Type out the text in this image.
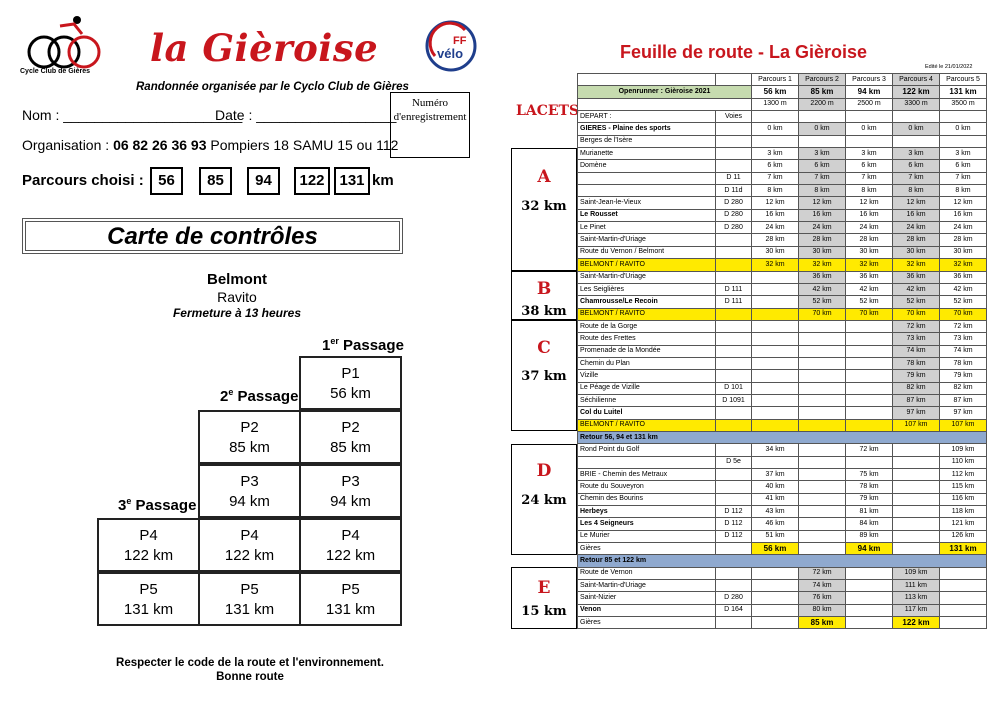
Cycle Club de Gières
la Gièroise	FF
vélo
Randonnée organisée par le Cyclo Club de Gières
Nom : _______________________
Date : __________________
Numéro d'enregistrement
Organisation : 06 82 26 36 93 Pompiers 18 SAMU 15 ou 112
Parcours choisi : 56	85	94	122 131 km
Carte de contrôles
Belmont
Ravito
Fermeture à 13 heures
1er Passage
2e Passage
3e Passage
P1
56 km
P2
85 km
P3
94 km
P4
122 km
P5
131 km
P2
85 km
P3
94 km
P4
122 km
P5
131 km
P4
122 km
P5
131 km
Respecter le code de la route et l'environnement.
Bonne route
Feuille de route - La Gièroise
Edité le 21/01/2022
LACETS
A
32 km
B
38 km
C
37 km
D
24 km
E
15 km
		Parcours 1	Parcours 2	Parcours 3	Parcours 4	Parcours 5
Openrunner : Gièroise 2021		56 km	85 km	94 km	122 km	131 km
		1300 m	2200 m	2500 m	3300 m	3500 m
DEPART :	Voies					
GIERES - Plaine des sports		0 km	0 km	0 km	0 km	0 km
Berges de l'Isère						
Murianette		3 km	3 km	3 km	3 km	3 km
Domène		6 km	6 km	6 km	6 km	6 km
	D 11	7 km	7 km	7 km	7 km	7 km
	D 11d	8 km	8 km	8 km	8 km	8 km
Saint-Jean-le-Vieux	D 280	12 km	12 km	12 km	12 km	12 km
Le Rousset	D 280	16 km	16 km	16 km	16 km	16 km
Le Pinet	D 280	24 km	24 km	24 km	24 km	24 km
Saint-Martin-d'Uriage		28 km	28 km	28 km	28 km	28 km
Route du Vernon / Belmont		30 km	30 km	30 km	30 km	30 km
BELMONT / RAVITO		32 km	32 km	32 km	32 km	32 km
Saint-Martin-d'Uriage			36 km	36 km	36 km	36 km
Les Seiglières	D 111		42 km	42 km	42 km	42 km
Chamrousse/Le Recoin	D 111		52 km	52 km	52 km	52 km
BELMONT / RAVITO			70 km	70 km	70 km	70 km
Route de la Gorge					72 km	72 km
Route des Frettes					73 km	73 km
Promenade de la Mondée					74 km	74 km
Chemin du Plan					78 km	78 km
Vizille					79 km	79 km
Le Péage de Vizille	D 101				82 km	82 km
Séchilienne	D 1091				87 km	87 km
Col du Luitel					97 km	97 km
BELMONT / RAVITO					107 km	107 km
Retour 56, 94 et 131 km						
Rond Point du Golf		34 km		72 km		109 km
	D 5e					110 km
BRIE - Chemin des Metraux		37 km		75 km		112 km
Route du Souveyron		40 km		78 km		115 km
Chemin des Bourins		41 km		79 km		116 km
Herbeys	D 112	43 km		81 km		118 km
Les 4 Seigneurs	D 112	46 km		84 km		121 km
Le Murier	D 112	51 km		89 km		126 km
Gières		56 km		94 km		131 km
Retour 85 et 122 km						
Route de Vernon			72 km		109 km	
Saint-Martin-d'Uriage			74 km		111 km	
Saint-Nizier	D 280		76 km		113 km	
Venon	D 164		80 km		117 km	
Gières			85 km		122 km	
